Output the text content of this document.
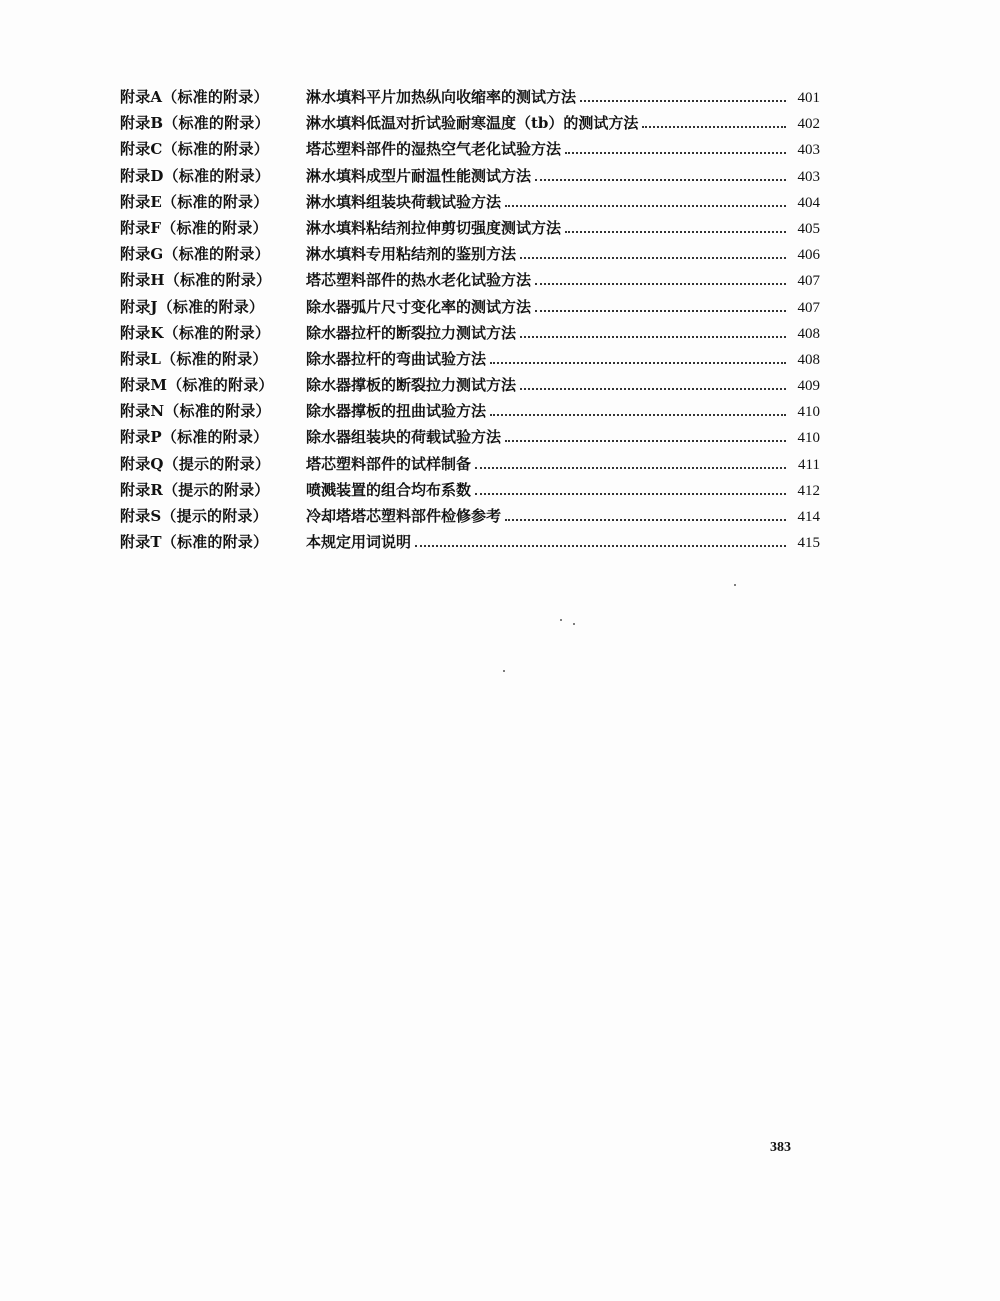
附录A（标准的附录）	淋水填料平片加热纵向收缩率的测试方法	401
附录B（标准的附录）	淋水填料低温对折试验耐寒温度（tb）的测试方法	402
附录C（标准的附录）	塔芯塑料部件的湿热空气老化试验方法	403
附录D（标准的附录）	淋水填料成型片耐温性能测试方法	403
附录E（标准的附录）	淋水填料组装块荷载试验方法	404
附录F（标准的附录）	淋水填料粘结剂拉伸剪切强度测试方法	405
附录G（标准的附录）	淋水填料专用粘结剂的鉴别方法	406
附录H（标准的附录）	塔芯塑料部件的热水老化试验方法	407
附录J（标准的附录）	除水器弧片尺寸变化率的测试方法	407
附录K（标准的附录）	除水器拉杆的断裂拉力测试方法	408
附录L（标准的附录）	除水器拉杆的弯曲试验方法	408
附录M（标准的附录）	除水器撑板的断裂拉力测试方法	409
附录N（标准的附录）	除水器撑板的扭曲试验方法	410
附录P（标准的附录）	除水器组装块的荷载试验方法	410
附录Q（提示的附录）	塔芯塑料部件的试样制备	411
附录R（提示的附录）	喷溅装置的组合均布系数	412
附录S（提示的附录）	冷却塔塔芯塑料部件检修参考	414
附录T（标准的附录）	本规定用词说明	415
383
